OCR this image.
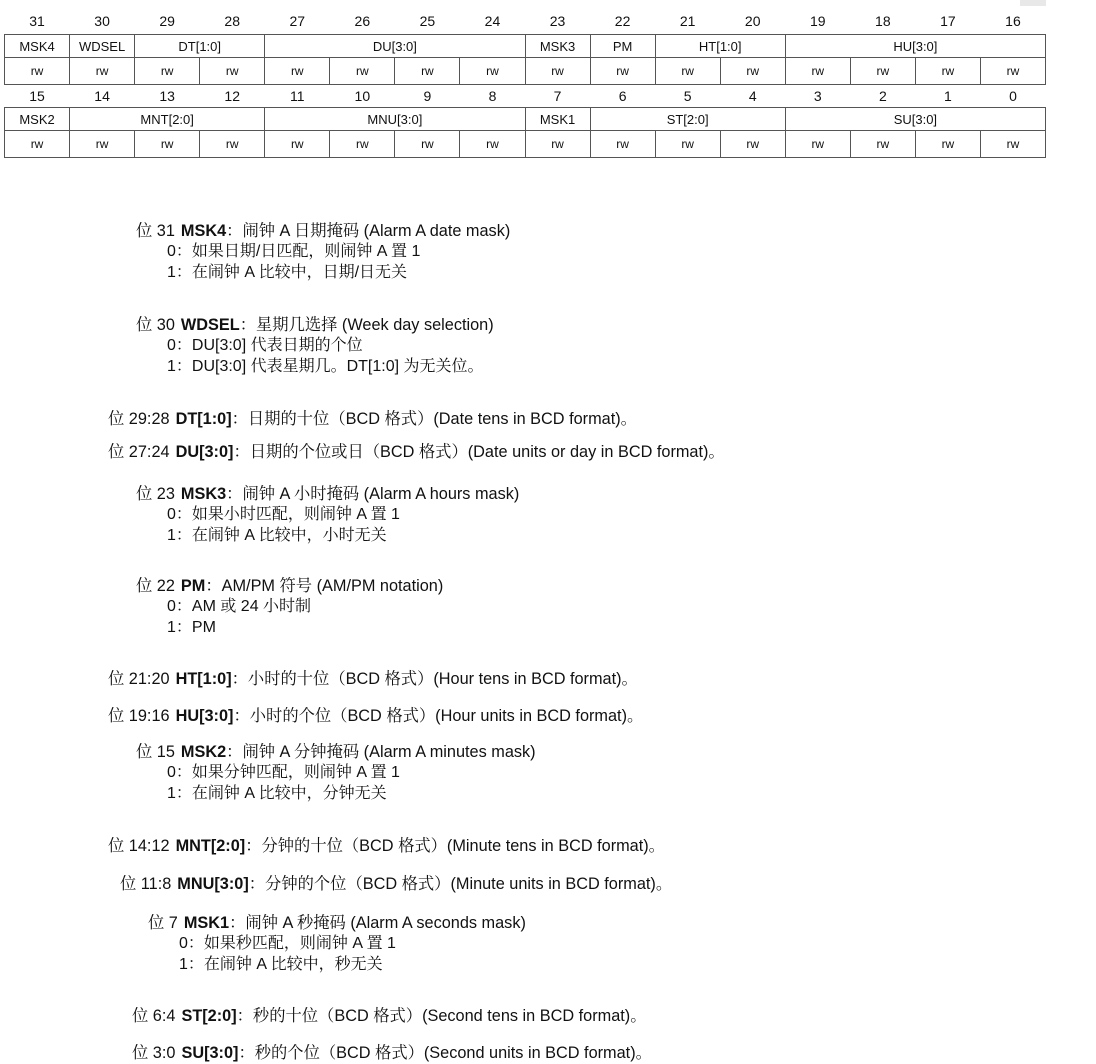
31	30	29	28	27	26	25	24	23	22	21	20	19	18	17	16
MSK4	WDSEL	DT[1:0]		DU[3:0]				MSK3	PM	HT[1:0]		HU[3:0]			
rw	rw	rw	rw	rw	rw	rw	rw	rw	rw	rw	rw	rw	rw	rw	rw
15	14	13	12	11	10	9	8	7	6	5	4	3	2	1	0
MSK2	MNT[2:0]			MNU[3:0]				MSK1	ST[2:0]			SU[3:0]			
rw	rw	rw	rw	rw	rw	rw	rw	rw	rw	rw	rw	rw	rw	rw	rw
位 31 MSK4：闹钟 A 日期掩码 (Alarm A date mask)
0：如果日期/日匹配，则闹钟 A 置 1
1：在闹钟 A 比较中，日期/日无关
位 30 WDSEL：星期几选择 (Week day selection)
0：DU[3:0] 代表日期的个位
1：DU[3:0] 代表星期几。DT[1:0] 为无关位。
位 29:28 DT[1:0]：日期的十位（BCD 格式）(Date tens in BCD format)。
位 27:24 DU[3:0]：日期的个位或日（BCD 格式）(Date units or day in BCD format)。
位 23 MSK3：闹钟 A 小时掩码 (Alarm A hours mask)
0：如果小时匹配，则闹钟 A 置 1
1：在闹钟 A 比较中，小时无关
位 22 PM：AM/PM 符号 (AM/PM notation)
0：AM 或 24 小时制
1：PM
位 21:20 HT[1:0]：小时的十位（BCD 格式）(Hour tens in BCD format)。
位 19:16 HU[3:0]：小时的个位（BCD 格式）(Hour units in BCD format)。
位 15 MSK2：闹钟 A 分钟掩码 (Alarm A minutes mask)
0：如果分钟匹配，则闹钟 A 置 1
1：在闹钟 A 比较中，分钟无关
位 14:12 MNT[2:0]：分钟的十位（BCD 格式）(Minute tens in BCD format)。
位 11:8 MNU[3:0]：分钟的个位（BCD 格式）(Minute units in BCD format)。
位 7 MSK1：闹钟 A 秒掩码 (Alarm A seconds mask)
0：如果秒匹配，则闹钟 A 置 1
1：在闹钟 A 比较中，秒无关
位 6:4 ST[2:0]：秒的十位（BCD 格式）(Second tens in BCD format)。
位 3:0 SU[3:0]：秒的个位（BCD 格式）(Second units in BCD format)。
